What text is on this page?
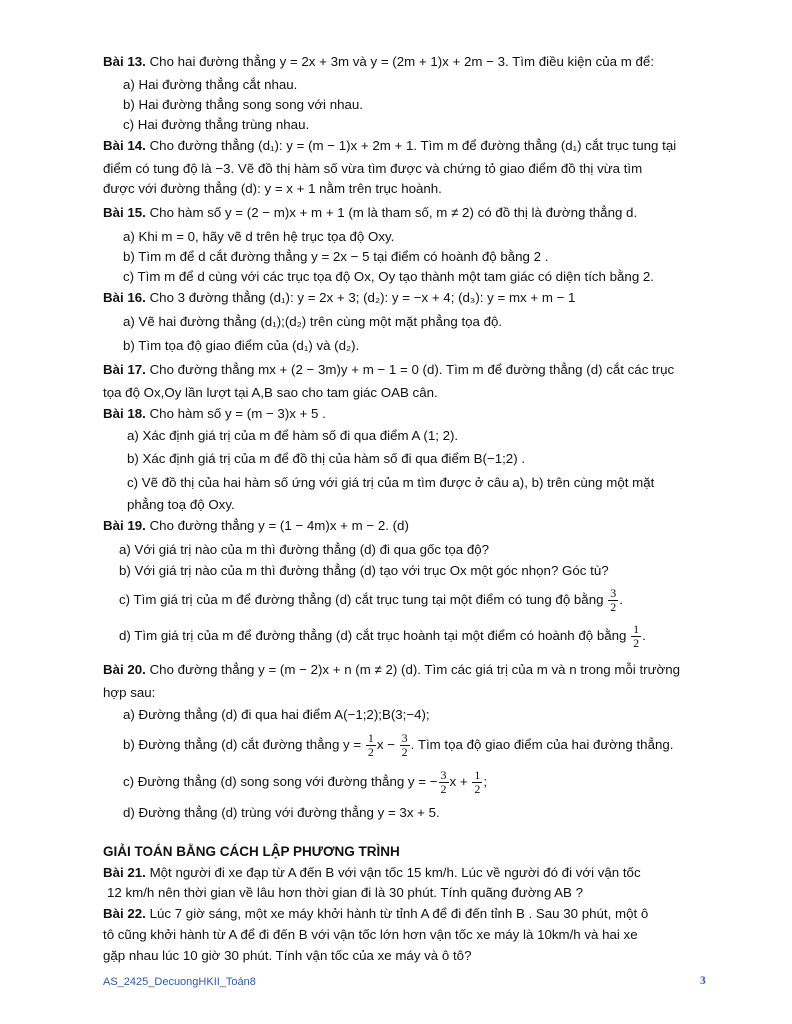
Bài 13. Cho hai đường thẳng y = 2x + 3m và y = (2m + 1)x + 2m − 3. Tìm điều kiện của m để:
a) Hai đường thẳng cắt nhau.
b) Hai đường thẳng song song với nhau.
c) Hai đường thẳng trùng nhau.
Bài 14. Cho đường thẳng (d₁): y = (m − 1)x + 2m + 1. Tìm m để đường thẳng (d₁) cắt trục tung tại
điểm có tung độ là −3. Vẽ đồ thị hàm số vừa tìm được và chứng tỏ giao điểm đồ thị vừa tìm
được với đường thẳng (d): y = x + 1 nằm trên trục hoành.
Bài 15. Cho hàm số y = (2 − m)x + m + 1 (m là tham số, m ≠ 2) có đồ thị là đường thẳng d.
a) Khi m = 0, hãy vẽ d trên hệ trục tọa độ Oxy.
b) Tìm m để d cắt đường thẳng y = 2x − 5 tại điểm có hoành độ bằng 2 .
c) Tìm m để d cùng với các trục tọa độ Ox, Oy tạo thành một tam giác có diện tích bằng 2.
Bài 16. Cho 3 đường thẳng (d₁): y = 2x + 3; (d₂): y = −x + 4; (d₃): y = mx + m − 1
a) Vẽ hai đường thẳng (d₁);(d₂) trên cùng một mặt phẳng tọa độ.
b) Tìm tọa độ giao điểm của (d₁) và (d₂).
Bài 17. Cho đường thẳng mx + (2 − 3m)y + m − 1 = 0 (d). Tìm m để đường thẳng (d) cắt các trục
tọa độ Ox,Oy lần lượt tại A,B sao cho tam giác OAB cân.
Bài 18. Cho hàm số y = (m − 3)x + 5 .
a) Xác định giá trị của m để hàm số đi qua điểm A (1; 2).
b) Xác định giá trị của m để đồ thị của hàm số đi qua điểm B(−1;2) .
c) Vẽ đồ thị của hai hàm số ứng với giá trị của m tìm được ở câu a), b) trên cùng một mặt
phẳng toạ độ Oxy.
Bài 19. Cho đường thẳng y = (1 − 4m)x + m − 2. (d)
a) Với giá trị nào của m thì đường thẳng (d) đi qua gốc tọa độ?
b) Với giá trị nào của m thì đường thẳng (d) tạo với trục Ox một góc nhọn? Góc tù?
c) Tìm giá trị của m để đường thẳng (d) cắt trục tung tại một điểm có tung độ bằng $\frac{3}{2}$ .
d) Tìm giá trị của m để đường thẳng (d) cắt trục hoành tại một điểm có hoành độ bằng $\frac{1}{2}$ .
Bài 20. Cho đường thẳng y = (m − 2)x + n (m ≠ 2) (d). Tìm các giá trị của m và n trong mỗi trường
hợp sau:
a) Đường thẳng (d) đi qua hai điểm A(−1;2);B(3;−4);
b) Đường thẳng (d) cắt đường thẳng $y = \frac{1}{2}$ $x - \frac{3}{2}$ . Tìm tọa độ giao điểm của hai đường thẳng.
c) Đường thẳng (d) song song với đường thẳng y = − $\frac{3}{2}$ $x + \frac{1}{2}$ ;
d) Đường thẳng (d) trùng với đường thẳng y = 3x + 5.
GIẢI TOÁN BẰNG CÁCH LẬP PHƯƠNG TRÌNH
Bài 21. Một người đi xe đạp từ A đến B với vận tốc 15 km/h. Lúc về người đó đi với vận tốc
12 km/h nên thời gian về lâu hơn thời gian đi là 30 phút. Tính quãng đường AB ?
Bài 22. Lúc 7 giờ sáng, một xe máy khởi hành từ tỉnh A để đi đến tỉnh B . Sau 30 phút, một ô
tô cũng khởi hành từ A để đi đến B với vận tốc lớn hơn vận tốc xe máy là 10km/h và hai xe
gặp nhau lúc 10 giờ 30 phút. Tính vận tốc của xe máy và ô tô?
AS_2425_DecuongHKII_Toán8	3
